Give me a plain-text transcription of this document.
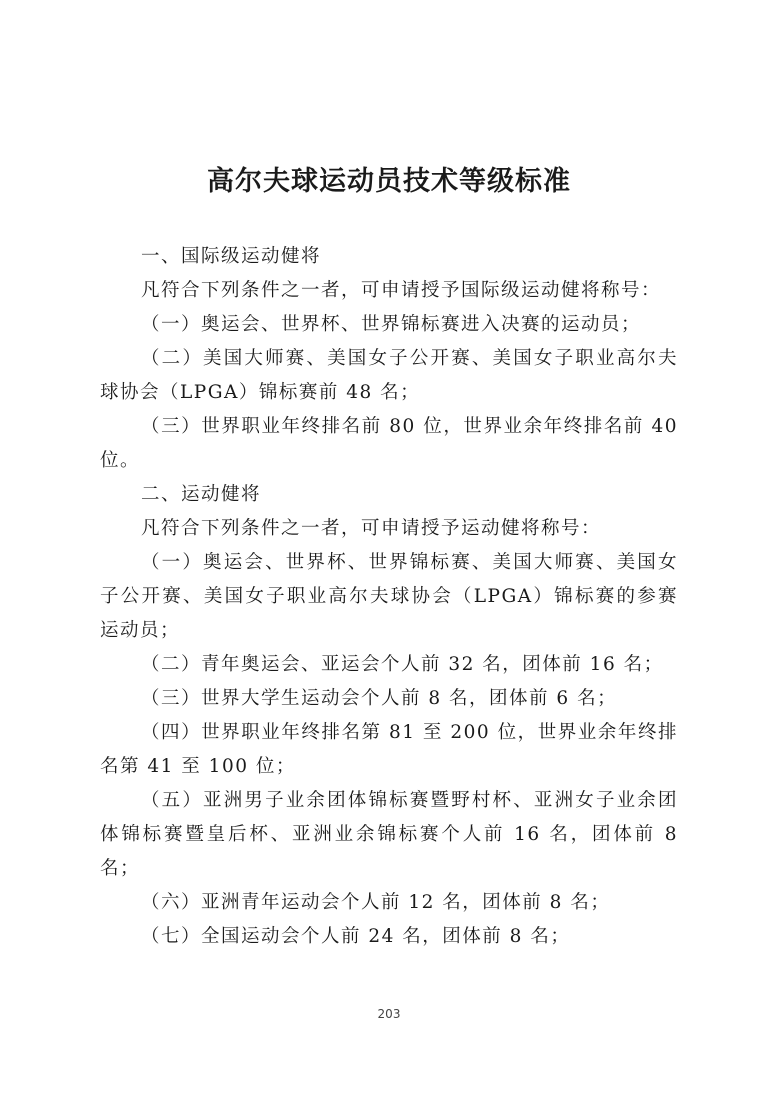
高尔夫球运动员技术等级标准

一、国际级运动健将

凡符合下列条件之一者，可申请授予国际级运动健将称号：

（一）奥运会、世界杯、世界锦标赛进入决赛的运动员；

（二）美国大师赛、美国女子公开赛、美国女子职业高尔夫球协会（LPGA）锦标赛前 48 名；

（三）世界职业年终排名前 80 位，世界业余年终排名前 40 位。

二、运动健将

凡符合下列条件之一者，可申请授予运动健将称号：

（一）奥运会、世界杯、世界锦标赛、美国大师赛、美国女子公开赛、美国女子职业高尔夫球协会（LPGA）锦标赛的参赛运动员；

（二）青年奥运会、亚运会个人前 32 名，团体前 16 名；

（三）世界大学生运动会个人前 8 名，团体前 6 名；

（四）世界职业年终排名第 81 至 200 位，世界业余年终排名第 41 至 100 位；

（五）亚洲男子业余团体锦标赛暨野村杯、亚洲女子业余团体锦标赛暨皇后杯、亚洲业余锦标赛个人前 16 名，团体前 8 名；

（六）亚洲青年运动会个人前 12 名，团体前 8 名；

（七）全国运动会个人前 24 名，团体前 8 名；

203
